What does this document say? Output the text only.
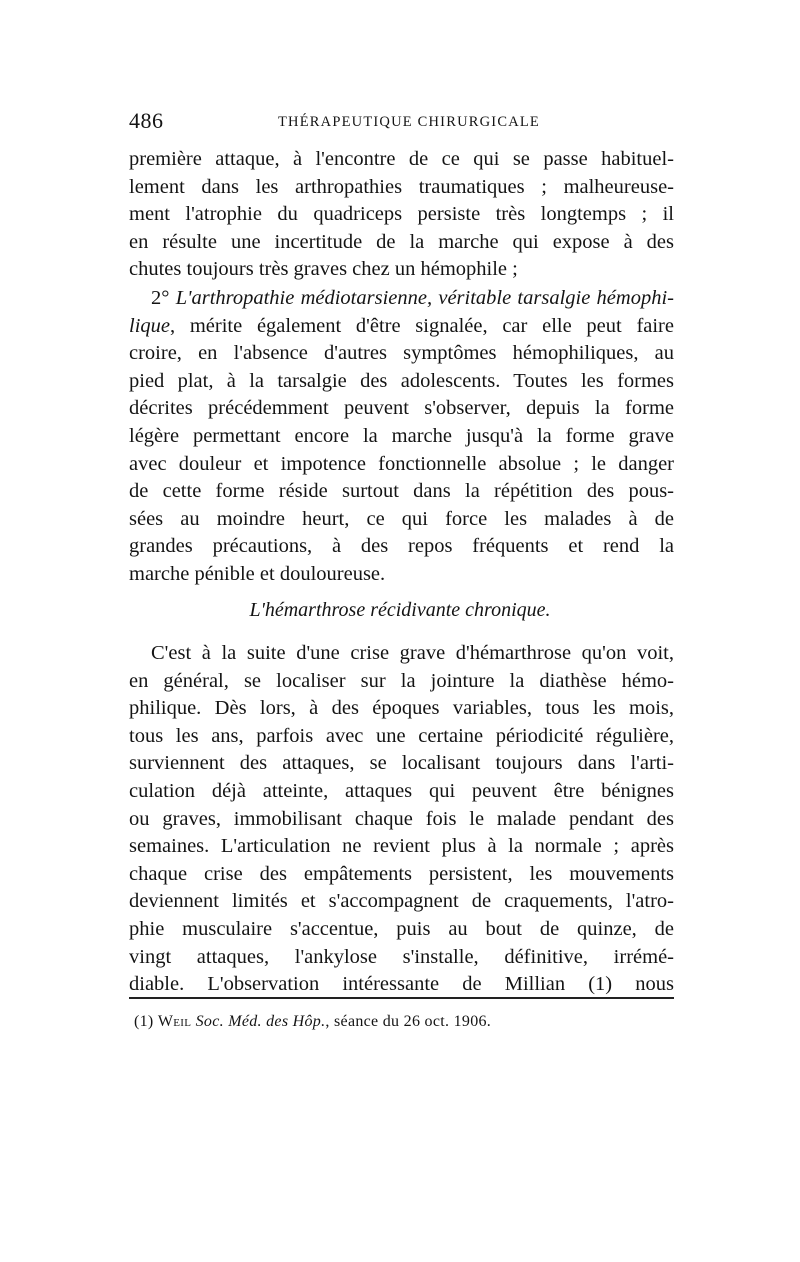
486	THÉRAPEUTIQUE CHIRURGICALE
première attaque, à l'encontre de ce qui se passe habituel-
lement dans les arthropathies traumatiques ; malheureuse-
ment l'atrophie du quadriceps persiste très longtemps ; il
en résulte une incertitude de la marche qui expose à des
chutes toujours très graves chez un hémophile ;
2° L'arthropathie médiotarsienne, véritable tarsalgie hémophi-
lique, mérite également d'être signalée, car elle peut faire
croire, en l'absence d'autres symptômes hémophiliques, au
pied plat, à la tarsalgie des adolescents. Toutes les formes
décrites précédemment peuvent s'observer, depuis la forme
légère permettant encore la marche jusqu'à la forme grave
avec douleur et impotence fonctionnelle absolue ; le danger
de cette forme réside surtout dans la répétition des pous-
sées au moindre heurt, ce qui force les malades à de
grandes précautions, à des repos fréquents et rend la
marche pénible et douloureuse.
L'hémarthrose récidivante chronique.
C'est à la suite d'une crise grave d'hémarthrose qu'on voit,
en général, se localiser sur la jointure la diathèse hémo-
philique. Dès lors, à des époques variables, tous les mois,
tous les ans, parfois avec une certaine périodicité régulière,
surviennent des attaques, se localisant toujours dans l'arti-
culation déjà atteinte, attaques qui peuvent être bénignes
ou graves, immobilisant chaque fois le malade pendant des
semaines. L'articulation ne revient plus à la normale ; après
chaque crise des empâtements persistent, les mouvements
deviennent limités et s'accompagnent de craquements, l'atro-
phie musculaire s'accentue, puis au bout de quinze, de
vingt attaques, l'ankylose s'installe, définitive, irrémé-
diable. L'observation intéressante de Millian (1) nous
(1) Weil Soc. Méd. des Hôp., séance du 26 oct. 1906.
